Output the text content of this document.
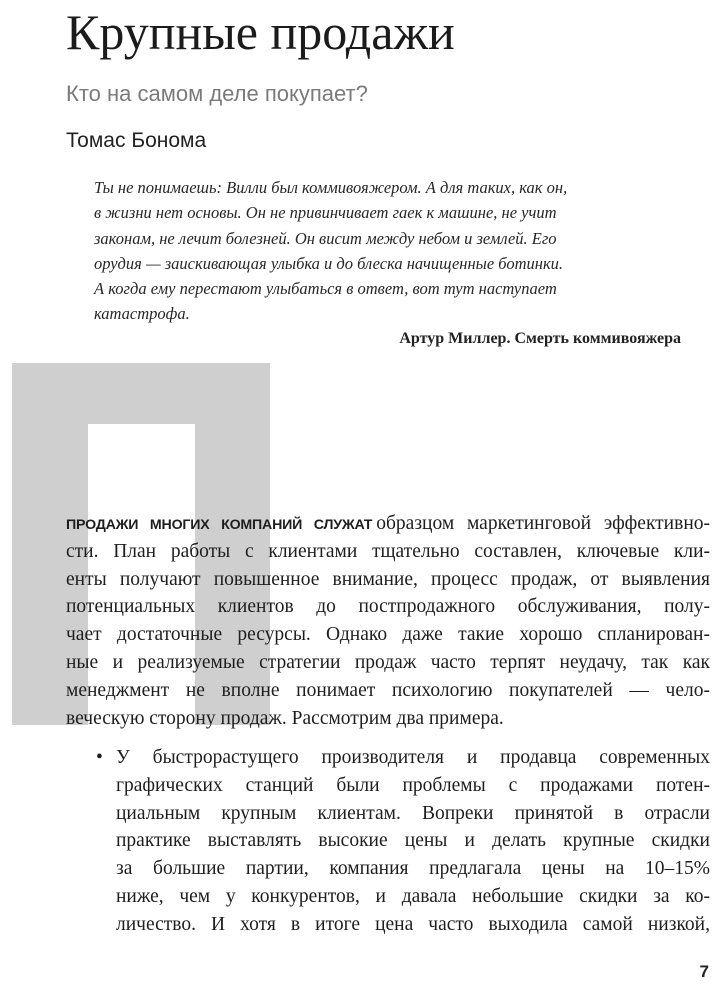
Крупные продажи
Кто на самом деле покупает?
Томас Бонома
Ты не понимаешь: Вилли был коммивояжером. А для таких, как он,
в жизни нет основы. Он не привинчивает гаек к машине, не учит
законам, не лечит болезней. Он висит между небом и землей. Его
орудия — заискивающая улыбка и до блеска начищенные ботинки.
А когда ему перестают улыбаться в ответ, вот тут наступает
катастрофа.
Артур Миллер. Смерть коммивояжера
ПРОДАЖИ МНОГИХ КОМПАНИЙ СЛУЖАТ образцом маркетинговой эффективно-
сти. План работы с клиентами тщательно составлен, ключевые кли-
енты получают повышенное внимание, процесс продаж, от выявления
потенциальных клиентов до постпродажного обслуживания, полу-
чает достаточные ресурсы. Однако даже такие хорошо спланирован-
ные и реализуемые стратегии продаж часто терпят неудачу, так как
менеджмент не вполне понимает психологию покупателей — чело-
веческую сторону продаж. Рассмотрим два примера.
• У быстрорастущего производителя и продавца современных
графических станций были проблемы с продажами потен-
циальным крупным клиентам. Вопреки принятой в отрасли
практике выставлять высокие цены и делать крупные скидки
за большие партии, компания предлагала цены на 10–15%
ниже, чем у конкурентов, и давала небольшие скидки за ко-
личество. И хотя в итоге цена часто выходила самой низкой,
7
